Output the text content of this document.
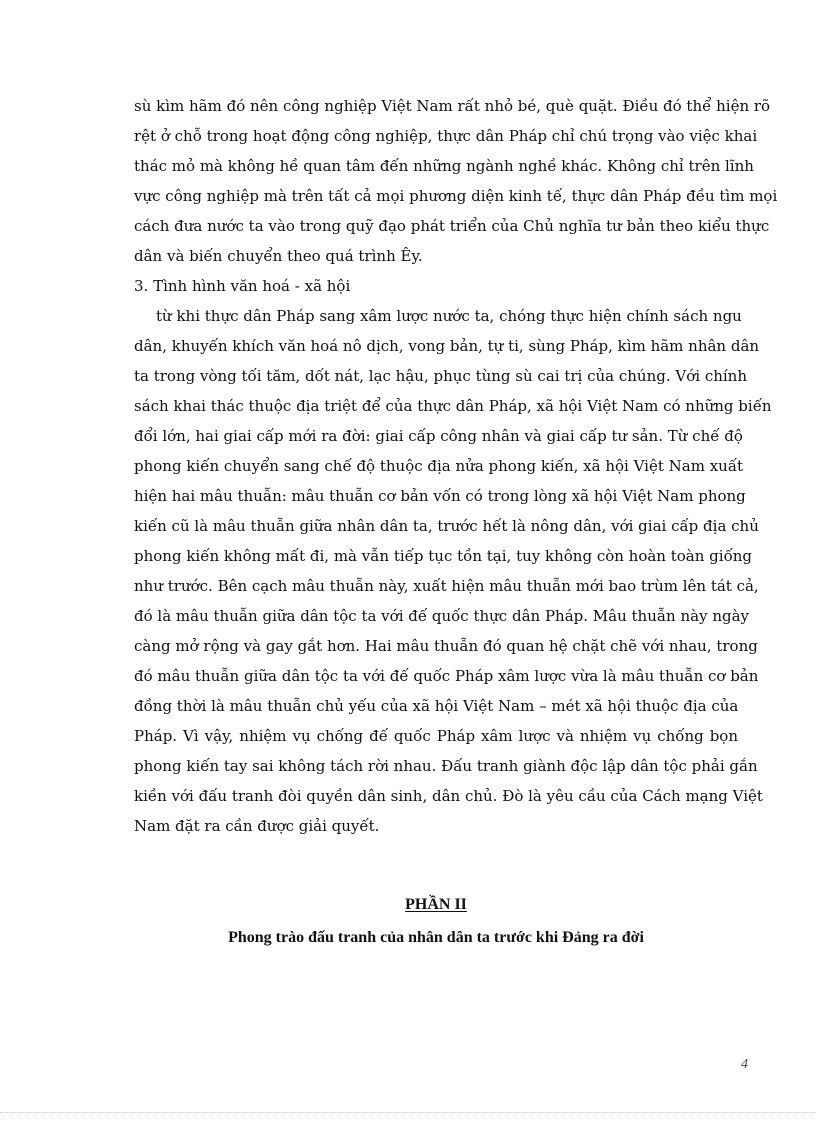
sù kìm hãm đó nên công nghiệp Việt Nam rất nhỏ bé, què quặt. Điều đó thể hiện rõ
rệt ở chỗ trong hoạt động công nghiệp, thực dân Pháp chỉ chú trọng vào việc khai
thác mỏ mà không hề quan tâm đến những ngành nghề khác. Không chỉ trên lĩnh
vực công nghiệp mà trên tất cả mọi phương diện kinh tế, thực dân Pháp đều tìm mọi
cách đưa nước ta vào trong quỹ đạo phát triển của Chủ nghĩa tư bản theo kiểu thực
dân và biến chuyển theo quá trình Êy.
3. Tình hình văn hoá - xã hội
từ khi thực dân Pháp sang xâm lược nước ta, chóng thực hiện chính sách ngu
dân, khuyến khích văn hoá nô dịch, vong bản, tự ti, sùng Pháp, kìm hãm nhân dân
ta trong vòng tối tăm, dốt nát, lạc hậu, phục tùng sù cai trị của chúng. Với chính
sách khai thác thuộc địa triệt để của thực dân Pháp, xã hội Việt Nam có những biến
đổi lớn, hai giai cấp mới ra đời: giai cấp công nhân và giai cấp tư sản. Từ chế độ
phong kiến chuyển sang chế độ thuộc địa nửa phong kiến, xã hội Việt Nam xuất
hiện hai mâu thuẫn: mâu thuẫn cơ bản vốn có trong lòng xã hội Việt Nam phong
kiến cũ là mâu thuẫn giữa nhân dân ta, trước hết là nông dân, với giai cấp địa chủ
phong kiến không mất đi, mà vẫn tiếp tục tồn tại, tuy không còn hoàn toàn giống
như trước. Bên cạch mâu thuẫn này, xuất hiện mâu thuẫn mới bao trùm lên tát cả,
đó là mâu thuẫn giữa dân tộc ta với đế quốc thực dân Pháp. Mâu thuẫn này ngày
càng mở rộng và gay gắt hơn. Hai mâu thuẫn đó quan hệ chặt chẽ với nhau, trong
đó mâu thuẫn giữa dân tộc ta với đế quốc Pháp xâm lược vừa là mâu thuẫn cơ bản
đồng thời là mâu thuẫn chủ yếu của xã hội Việt Nam – mét xã hội thuộc địa của
Pháp. Vì vậy, nhiệm vụ chống đế quốc Pháp xâm lược và nhiệm vụ chống bọn
phong kiến tay sai không tách rời nhau. Đấu tranh giành độc lập dân tộc phải gắn
kiền với đấu tranh đòi quyền dân sinh, dân chủ. Đò là yêu cầu của Cách mạng Việt
Nam đặt ra cần được giải quyết.
PHẦN II
Phong trào đấu tranh của nhân dân ta trước khi Đảng ra đời
4
